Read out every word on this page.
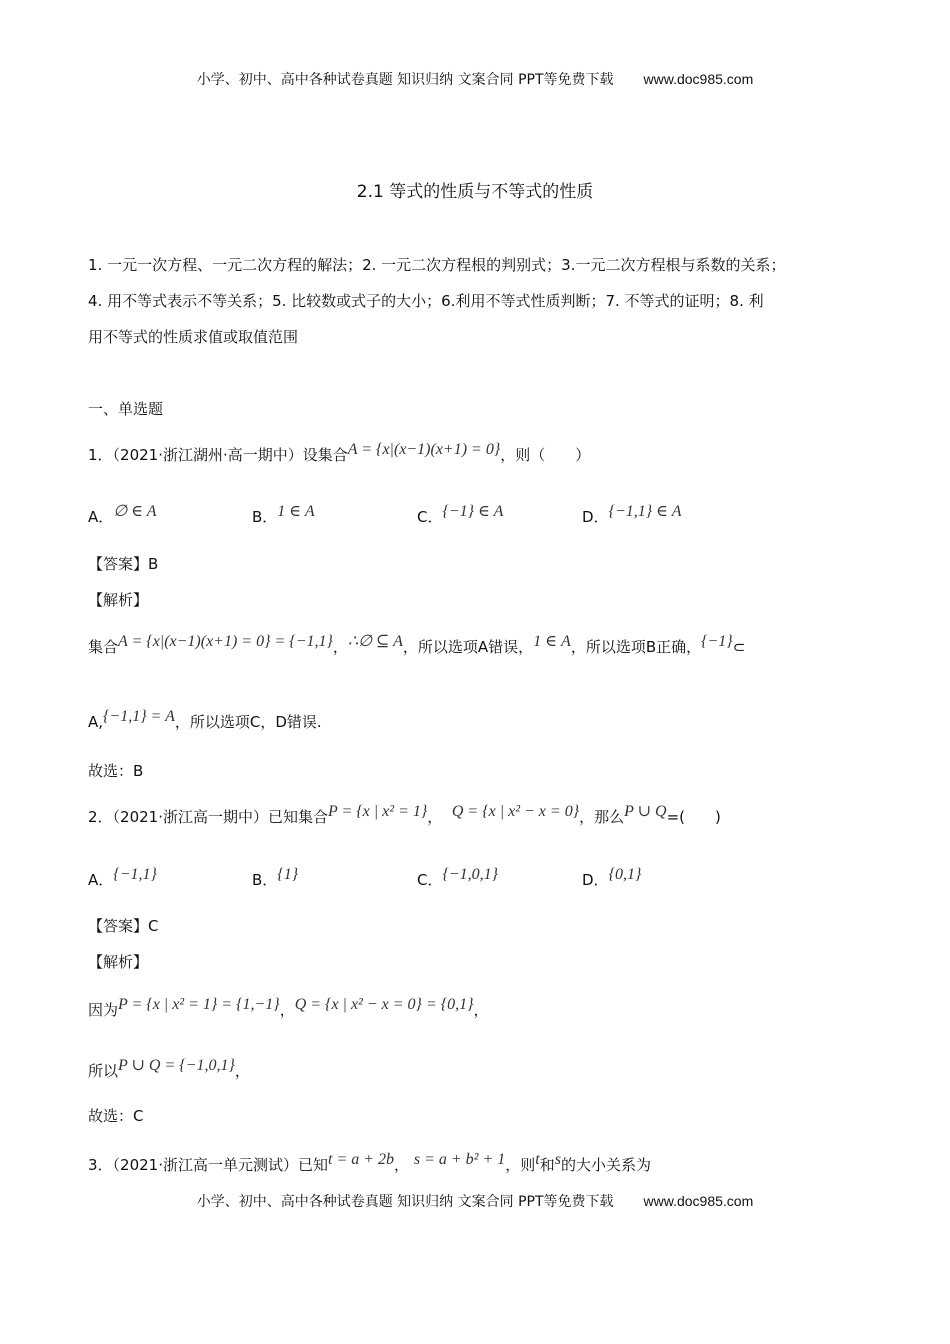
小学、初中、高中各种试卷真题 知识归纳 文案合同 PPT等免费下载 www.doc985.com
2.1 等式的性质与不等式的性质
1. 一元一次方程、一元二次方程的解法；2. 一元二次方程根的判别式；3.一元二次方程根与系数的关系；
4. 用不等式表示不等关系；5. 比较数或式子的大小；6.利用不等式性质判断；7. 不等式的证明；8. 利
用不等式的性质求值或取值范围
一、单选题
1．（2021·浙江湖州·高一期中）设集合A = {x|(x−1)(x+1) = 0}，则（　　）
A．∅ ∈ A	B．1 ∈ A	C．{−1} ∈ A	D．{−1,1} ∈ A
【答案】B
【解析】
集合A = {x|(x−1)(x+1) = 0} = {−1,1}，∴∅ ⊆ A，所以选项A错误，1 ∈ A，所以选项B正确，{−1}⊂
A,{−1,1} = A，所以选项C，D错误.
故选：B
2．（2021·浙江高一期中）已知集合P = {x | x² = 1}， Q = {x | x² − x = 0}，那么P ∪ Q=(　　)
A．{−1,1}	B．{1}	C．{−1,0,1}	D．{0,1}
【答案】C
【解析】
因为P = {x | x² = 1} = {1,−1}，Q = {x | x² − x = 0} = {0,1}，
所以P ∪ Q = {−1,0,1}，
故选：C
3．（2021·浙江高一单元测试）已知t = a + 2b， s = a + b² + 1，则t和s的大小关系为
小学、初中、高中各种试卷真题 知识归纳 文案合同 PPT等免费下载 www.doc985.com
